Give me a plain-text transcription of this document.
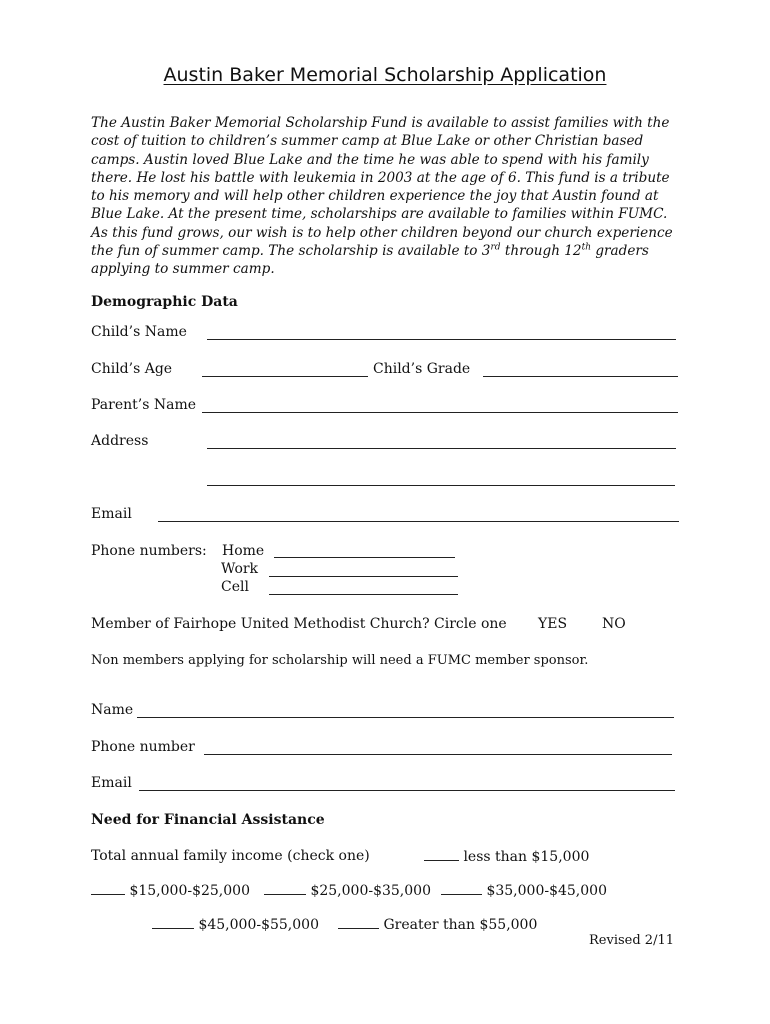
Austin Baker Memorial Scholarship Application

The Austin Baker Memorial Scholarship Fund is available to assist families with the cost of tuition to children’s summer camp at Blue Lake or other Christian based camps. Austin loved Blue Lake and the time he was able to spend with his family there. He lost his battle with leukemia in 2003 at the age of 6. This fund is a tribute to his memory and will help other children experience the joy that Austin found at Blue Lake. At the present time, scholarships are available to families within FUMC. As this fund grows, our wish is to help other children beyond our church experience the fun of summer camp. The scholarship is available to 3rd through 12th graders applying to summer camp.

Demographic Data
Child’s Name
Child’s Age	Child’s Grade
Parent’s Name
Address
Email
Phone numbers: Home
Work
Cell
Member of Fairhope United Methodist Church? Circle one YES NO
Non members applying for scholarship will need a FUMC member sponsor.
Name
Phone number
Email
Need for Financial Assistance
Total annual family income (check one)	less than $15,000
$15,000-$25,000	$25,000-$35,000	$35,000-$45,000
$45,000-$55,000	Greater than $55,000
Revised 2/11
